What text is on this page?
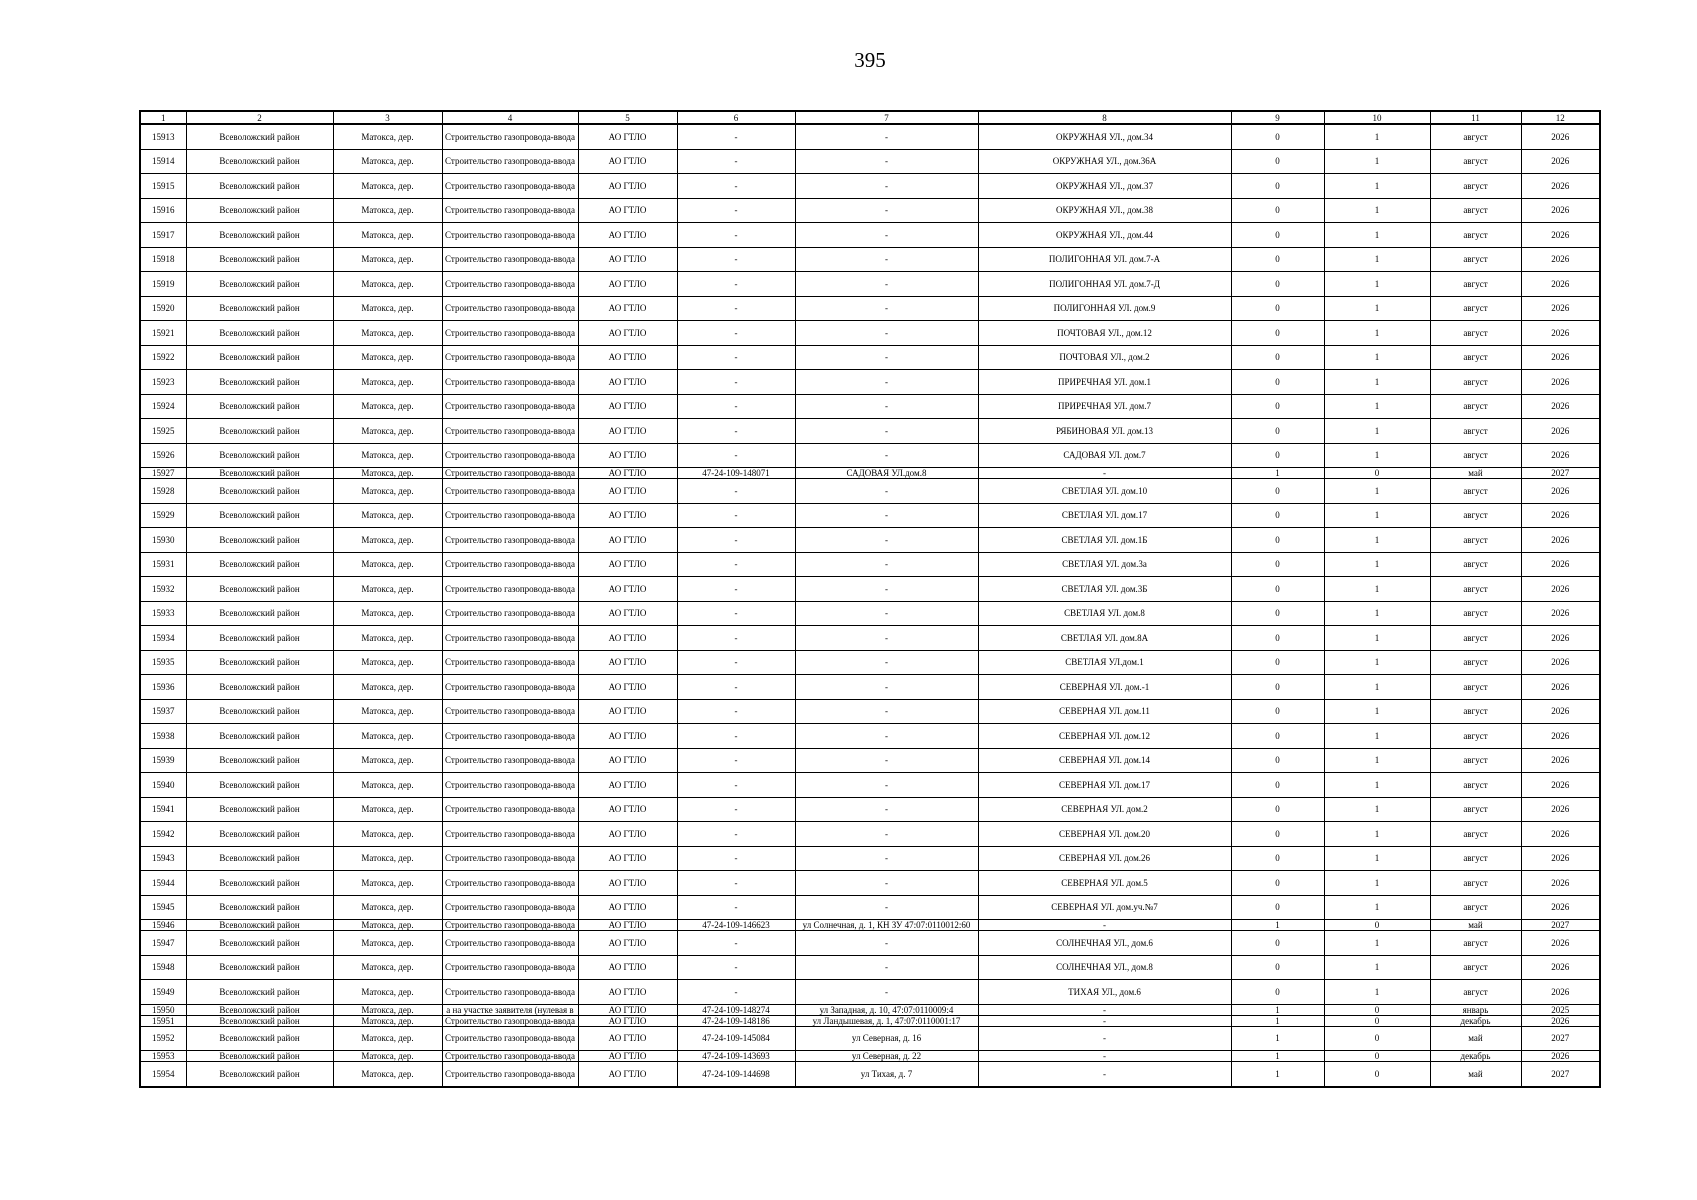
395
1	2	3	4	5	6	7	8	9	10	11	12
15913	Всеволожский район	Матокса, дер.	Строительство газопровода-ввода	АО ГТЛО	-	-	ОКРУЖНАЯ УЛ., дом.34	0	1	август	2026
15914	Всеволожский район	Матокса, дер.	Строительство газопровода-ввода	АО ГТЛО	-	-	ОКРУЖНАЯ УЛ., дом.36А	0	1	август	2026
15915	Всеволожский район	Матокса, дер.	Строительство газопровода-ввода	АО ГТЛО	-	-	ОКРУЖНАЯ УЛ., дом.37	0	1	август	2026
15916	Всеволожский район	Матокса, дер.	Строительство газопровода-ввода	АО ГТЛО	-	-	ОКРУЖНАЯ УЛ., дом.38	0	1	август	2026
15917	Всеволожский район	Матокса, дер.	Строительство газопровода-ввода	АО ГТЛО	-	-	ОКРУЖНАЯ УЛ., дом.44	0	1	август	2026
15918	Всеволожский район	Матокса, дер.	Строительство газопровода-ввода	АО ГТЛО	-	-	ПОЛИГОННАЯ УЛ. дом.7-А	0	1	август	2026
15919	Всеволожский район	Матокса, дер.	Строительство газопровода-ввода	АО ГТЛО	-	-	ПОЛИГОННАЯ УЛ. дом.7-Д	0	1	август	2026
15920	Всеволожский район	Матокса, дер.	Строительство газопровода-ввода	АО ГТЛО	-	-	ПОЛИГОННАЯ УЛ. дом.9	0	1	август	2026
15921	Всеволожский район	Матокса, дер.	Строительство газопровода-ввода	АО ГТЛО	-	-	ПОЧТОВАЯ УЛ., дом.12	0	1	август	2026
15922	Всеволожский район	Матокса, дер.	Строительство газопровода-ввода	АО ГТЛО	-	-	ПОЧТОВАЯ УЛ., дом.2	0	1	август	2026
15923	Всеволожский район	Матокса, дер.	Строительство газопровода-ввода	АО ГТЛО	-	-	ПРИРЕЧНАЯ УЛ. дом.1	0	1	август	2026
15924	Всеволожский район	Матокса, дер.	Строительство газопровода-ввода	АО ГТЛО	-	-	ПРИРЕЧНАЯ УЛ. дом.7	0	1	август	2026
15925	Всеволожский район	Матокса, дер.	Строительство газопровода-ввода	АО ГТЛО	-	-	РЯБИНОВАЯ УЛ. дом.13	0	1	август	2026
15926	Всеволожский район	Матокса, дер.	Строительство газопровода-ввода	АО ГТЛО	-	-	САДОВАЯ УЛ. дом.7	0	1	август	2026
15927	Всеволожский район	Матокса, дер.	Строительство газопровода-ввода	АО ГТЛО	47-24-109-148071	САДОВАЯ УЛ.дом.8	-	1	0	май	2027
15928	Всеволожский район	Матокса, дер.	Строительство газопровода-ввода	АО ГТЛО	-	-	СВЕТЛАЯ УЛ. дом.10	0	1	август	2026
15929	Всеволожский район	Матокса, дер.	Строительство газопровода-ввода	АО ГТЛО	-	-	СВЕТЛАЯ УЛ. дом.17	0	1	август	2026
15930	Всеволожский район	Матокса, дер.	Строительство газопровода-ввода	АО ГТЛО	-	-	СВЕТЛАЯ УЛ. дом.1Б	0	1	август	2026
15931	Всеволожский район	Матокса, дер.	Строительство газопровода-ввода	АО ГТЛО	-	-	СВЕТЛАЯ УЛ. дом.3а	0	1	август	2026
15932	Всеволожский район	Матокса, дер.	Строительство газопровода-ввода	АО ГТЛО	-	-	СВЕТЛАЯ УЛ. дом.3Б	0	1	август	2026
15933	Всеволожский район	Матокса, дер.	Строительство газопровода-ввода	АО ГТЛО	-	-	СВЕТЛАЯ УЛ. дом.8	0	1	август	2026
15934	Всеволожский район	Матокса, дер.	Строительство газопровода-ввода	АО ГТЛО	-	-	СВЕТЛАЯ УЛ. дом.8А	0	1	август	2026
15935	Всеволожский район	Матокса, дер.	Строительство газопровода-ввода	АО ГТЛО	-	-	СВЕТЛАЯ УЛ.дом.1	0	1	август	2026
15936	Всеволожский район	Матокса, дер.	Строительство газопровода-ввода	АО ГТЛО	-	-	СЕВЕРНАЯ УЛ. дом.-1	0	1	август	2026
15937	Всеволожский район	Матокса, дер.	Строительство газопровода-ввода	АО ГТЛО	-	-	СЕВЕРНАЯ УЛ. дом.11	0	1	август	2026
15938	Всеволожский район	Матокса, дер.	Строительство газопровода-ввода	АО ГТЛО	-	-	СЕВЕРНАЯ УЛ. дом.12	0	1	август	2026
15939	Всеволожский район	Матокса, дер.	Строительство газопровода-ввода	АО ГТЛО	-	-	СЕВЕРНАЯ УЛ. дом.14	0	1	август	2026
15940	Всеволожский район	Матокса, дер.	Строительство газопровода-ввода	АО ГТЛО	-	-	СЕВЕРНАЯ УЛ. дом.17	0	1	август	2026
15941	Всеволожский район	Матокса, дер.	Строительство газопровода-ввода	АО ГТЛО	-	-	СЕВЕРНАЯ УЛ. дом.2	0	1	август	2026
15942	Всеволожский район	Матокса, дер.	Строительство газопровода-ввода	АО ГТЛО	-	-	СЕВЕРНАЯ УЛ. дом.20	0	1	август	2026
15943	Всеволожский район	Матокса, дер.	Строительство газопровода-ввода	АО ГТЛО	-	-	СЕВЕРНАЯ УЛ. дом.26	0	1	август	2026
15944	Всеволожский район	Матокса, дер.	Строительство газопровода-ввода	АО ГТЛО	-	-	СЕВЕРНАЯ УЛ. дом.5	0	1	август	2026
15945	Всеволожский район	Матокса, дер.	Строительство газопровода-ввода	АО ГТЛО	-	-	СЕВЕРНАЯ УЛ. дом.уч.№7	0	1	август	2026
15946	Всеволожский район	Матокса, дер.	Строительство газопровода-ввода	АО ГТЛО	47-24-109-146623	ул Солнечная, д. 1, КН ЗУ 47:07:0110012:60	-	1	0	май	2027
15947	Всеволожский район	Матокса, дер.	Строительство газопровода-ввода	АО ГТЛО	-	-	СОЛНЕЧНАЯ УЛ., дом.6	0	1	август	2026
15948	Всеволожский район	Матокса, дер.	Строительство газопровода-ввода	АО ГТЛО	-	-	СОЛНЕЧНАЯ УЛ., дом.8	0	1	август	2026
15949	Всеволожский район	Матокса, дер.	Строительство газопровода-ввода	АО ГТЛО	-	-	ТИХАЯ УЛ., дом.6	0	1	август	2026
15950	Всеволожский район	Матокса, дер.	а на участке заявителя (нулевая в	АО ГТЛО	47-24-109-148274	ул Западная, д. 10, 47:07:0110009:4	-	1	0	январь	2025
15951	Всеволожский район	Матокса, дер.	Строительство газопровода-ввода	АО ГТЛО	47-24-109-148186	ул Ландышевая, д. 1, 47:07:0110001:17	-	1	0	декабрь	2026
15952	Всеволожский район	Матокса, дер.	Строительство газопровода-ввода	АО ГТЛО	47-24-109-145084	ул Северная, д. 16	-	1	0	май	2027
15953	Всеволожский район	Матокса, дер.	Строительство газопровода-ввода	АО ГТЛО	47-24-109-143693	ул Северная, д. 22	-	1	0	декабрь	2026
15954	Всеволожский район	Матокса, дер.	Строительство газопровода-ввода	АО ГТЛО	47-24-109-144698	ул Тихая, д. 7	-	1	0	май	2027
